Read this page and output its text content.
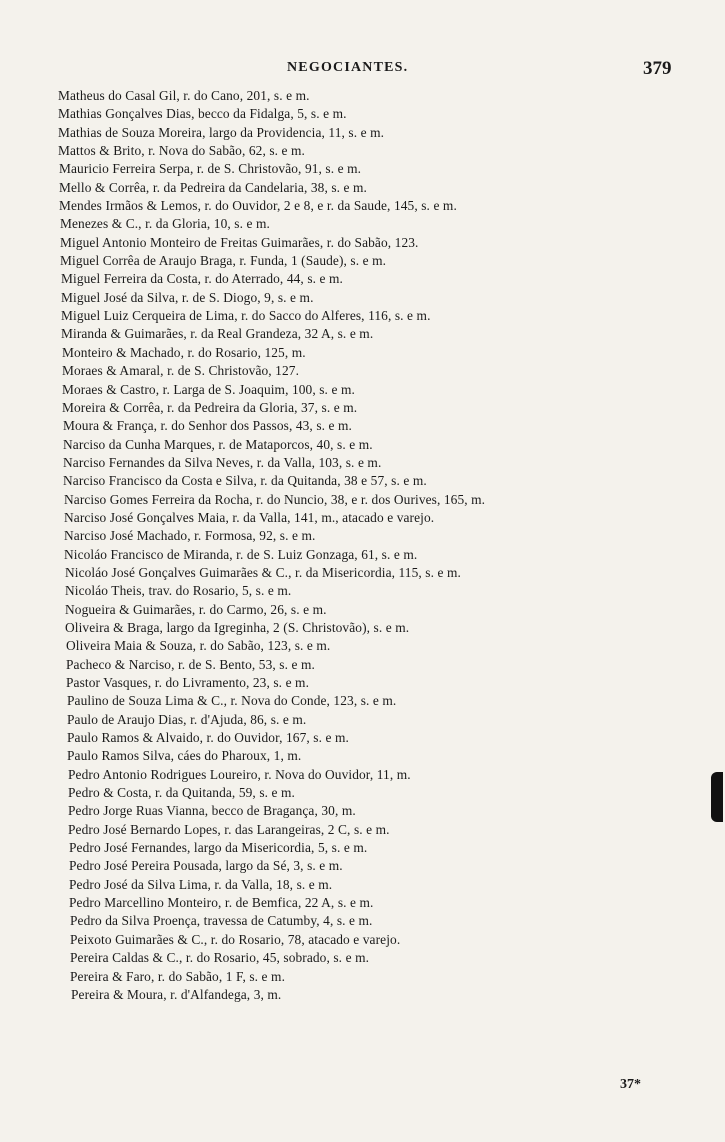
NEGOCIANTES.	379
Matheus do Casal Gil, r. do Cano, 201, s. e m.
Mathias Gonçalves Dias, becco da Fidalga, 5, s. e m.
Mathias de Souza Moreira, largo da Providencia, 11, s. e m.
Mattos & Brito, r. Nova do Sabão, 62, s. e m.
Mauricio Ferreira Serpa, r. de S. Christovão, 91, s. e m.
Mello & Corrêa, r. da Pedreira da Candelaria, 38, s. e m.
Mendes Irmãos & Lemos, r. do Ouvidor, 2 e 8, e r. da Saude, 145, s. e m.
Menezes & C., r. da Gloria, 10, s. e m.
Miguel Antonio Monteiro de Freitas Guimarães, r. do Sabão, 123.
Miguel Corrêa de Araujo Braga, r. Funda, 1 (Saude), s. e m.
Miguel Ferreira da Costa, r. do Aterrado, 44, s. e m.
Miguel José da Silva, r. de S. Diogo, 9, s. e m.
Miguel Luiz Cerqueira de Lima, r. do Sacco do Alferes, 116, s. e m.
Miranda & Guimarães, r. da Real Grandeza, 32 A, s. e m.
Monteiro & Machado, r. do Rosario, 125, m.
Moraes & Amaral, r. de S. Christovão, 127.
Moraes & Castro, r. Larga de S. Joaquim, 100, s. e m.
Moreira & Corrêa, r. da Pedreira da Gloria, 37, s. e m.
Moura & França, r. do Senhor dos Passos, 43, s. e m.
Narciso da Cunha Marques, r. de Mataporcos, 40, s. e m.
Narciso Fernandes da Silva Neves, r. da Valla, 103, s. e m.
Narciso Francisco da Costa e Silva, r. da Quitanda, 38 e 57, s. e m.
Narciso Gomes Ferreira da Rocha, r. do Nuncio, 38, e r. dos Ourives, 165, m.
Narciso José Gonçalves Maia, r. da Valla, 141, m., atacado e varejo.
Narciso José Machado, r. Formosa, 92, s. e m.
Nicoláo Francisco de Miranda, r. de S. Luiz Gonzaga, 61, s. e m.
Nicoláo José Gonçalves Guimarães & C., r. da Misericordia, 115, s. e m.
Nicoláo Theis, trav. do Rosario, 5, s. e m.
Nogueira & Guimarães, r. do Carmo, 26, s. e m.
Oliveira & Braga, largo da Igreginha, 2 (S. Christovão), s. e m.
Oliveira Maia & Souza, r. do Sabão, 123, s. e m.
Pacheco & Narciso, r. de S. Bento, 53, s. e m.
Pastor Vasques, r. do Livramento, 23, s. e m.
Paulino de Souza Lima & C., r. Nova do Conde, 123, s. e m.
Paulo de Araujo Dias, r. d'Ajuda, 86, s. e m.
Paulo Ramos & Alvaido, r. do Ouvidor, 167, s. e m.
Paulo Ramos Silva, cáes do Pharoux, 1, m.
Pedro Antonio Rodrigues Loureiro, r. Nova do Ouvidor, 11, m.
Pedro & Costa, r. da Quitanda, 59, s. e m.
Pedro Jorge Ruas Vianna, becco de Bragança, 30, m.
Pedro José Bernardo Lopes, r. das Larangeiras, 2 C, s. e m.
Pedro José Fernandes, largo da Misericordia, 5, s. e m.
Pedro José Pereira Pousada, largo da Sé, 3, s. e m.
Pedro José da Silva Lima, r. da Valla, 18, s. e m.
Pedro Marcellino Monteiro, r. de Bemfica, 22 A, s. e m.
Pedro da Silva Proença, travessa de Catumby, 4, s. e m.
Peixoto Guimarães & C., r. do Rosario, 78, atacado e varejo.
Pereira Caldas & C., r. do Rosario, 45, sobrado, s. e m.
Pereira & Faro, r. do Sabão, 1 F, s. e m.
Pereira & Moura, r. d'Alfandega, 3, m.
37*
